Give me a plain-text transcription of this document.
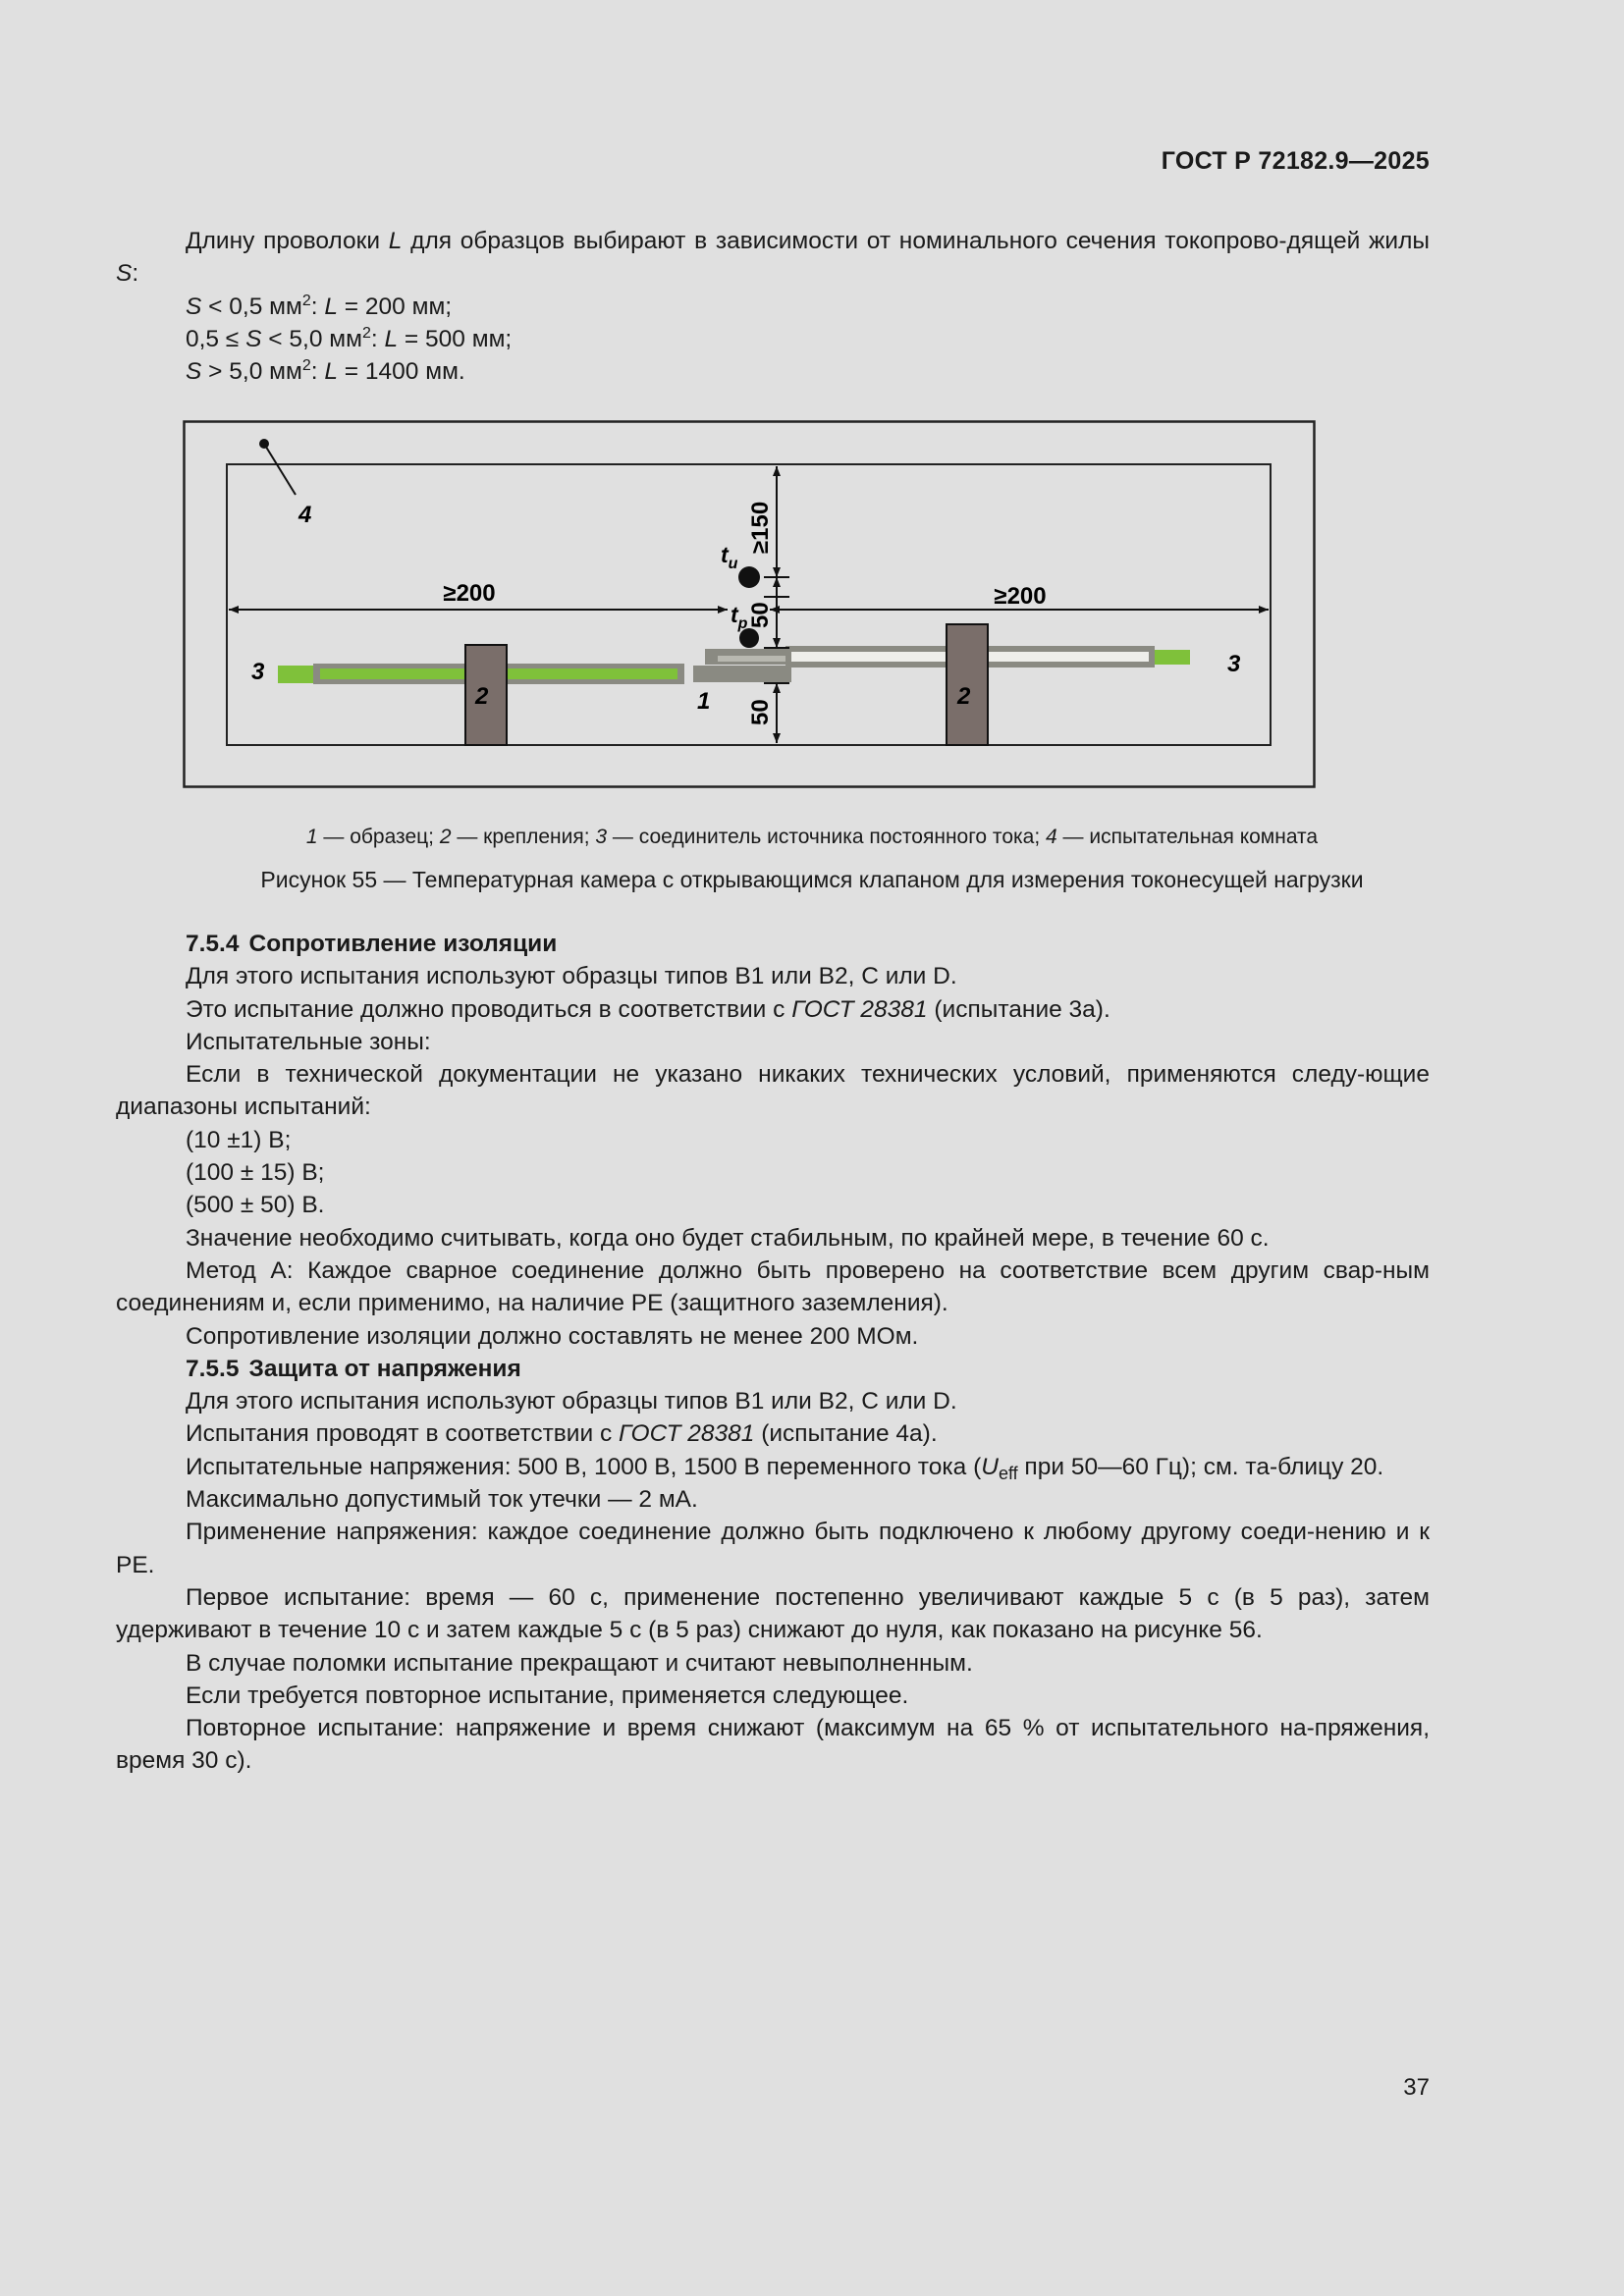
ГОСТ Р 72182.9—2025
Длину проволоки L для образцов выбирают в зависимости от номинального сечения токопрово-дящей жилы S:
S < 0,5 $мм^2$: L = 200 мм;
0,5 ≤ S < 5,0 $мм^2$: L = 500 мм;
S > 5,0 $мм^2$: L = 1400 мм.
4
2	2
3	3
1
≥200	≥200
≥150
50
50
$t_u$
$t_p$
1 — образец; 2 — крепления; 3 — соединитель источника постоянного тока; 4 — испытательная комната
Рисунок 55 — Температурная камера с открывающимся клапаном для измерения токонесущей нагрузки
7.5.4 Сопротивление изоляции
Для этого испытания используют образцы типов B1 или B2, C или D.
Это испытание должно проводиться в соответствии с ГОСТ 28381 (испытание 3a).
Испытательные зоны:
Если в технической документации не указано никаких технических условий, применяются следу-ющие диапазоны испытаний:
(10 ±1) В;
(100 ± 15) В;
(500 ± 50) В.
Значение необходимо считывать, когда оно будет стабильным, по крайней мере, в течение 60 с.
Метод А: Каждое сварное соединение должно быть проверено на соответствие всем другим свар-ным соединениям и, если применимо, на наличие РЕ (защитного заземления).
Сопротивление изоляции должно составлять не менее 200 МОм.
7.5.5 Защита от напряжения
Для этого испытания используют образцы типов B1 или B2, C или D.
Испытания проводят в соответствии с ГОСТ 28381 (испытание 4a).
Испытательные напряжения: 500 В, 1000 В, 1500 В переменного тока ($U_{eff}$ при 50—60 Гц); см. та-блицу 20.
Максимально допустимый ток утечки — 2 мА.
Применение напряжения: каждое соединение должно быть подключено к любому другому соеди-нению и к PE.
Первое испытание: время — 60 с, применение постепенно увеличивают каждые 5 с (в 5 раз), затем удерживают в течение 10 с и затем каждые 5 с (в 5 раз) снижают до нуля, как показано на рисунке 56.
В случае поломки испытание прекращают и считают невыполненным.
Если требуется повторное испытание, применяется следующее.
Повторное испытание: напряжение и время снижают (максимум на 65 % от испытательного на-пряжения, время 30 с).
37
